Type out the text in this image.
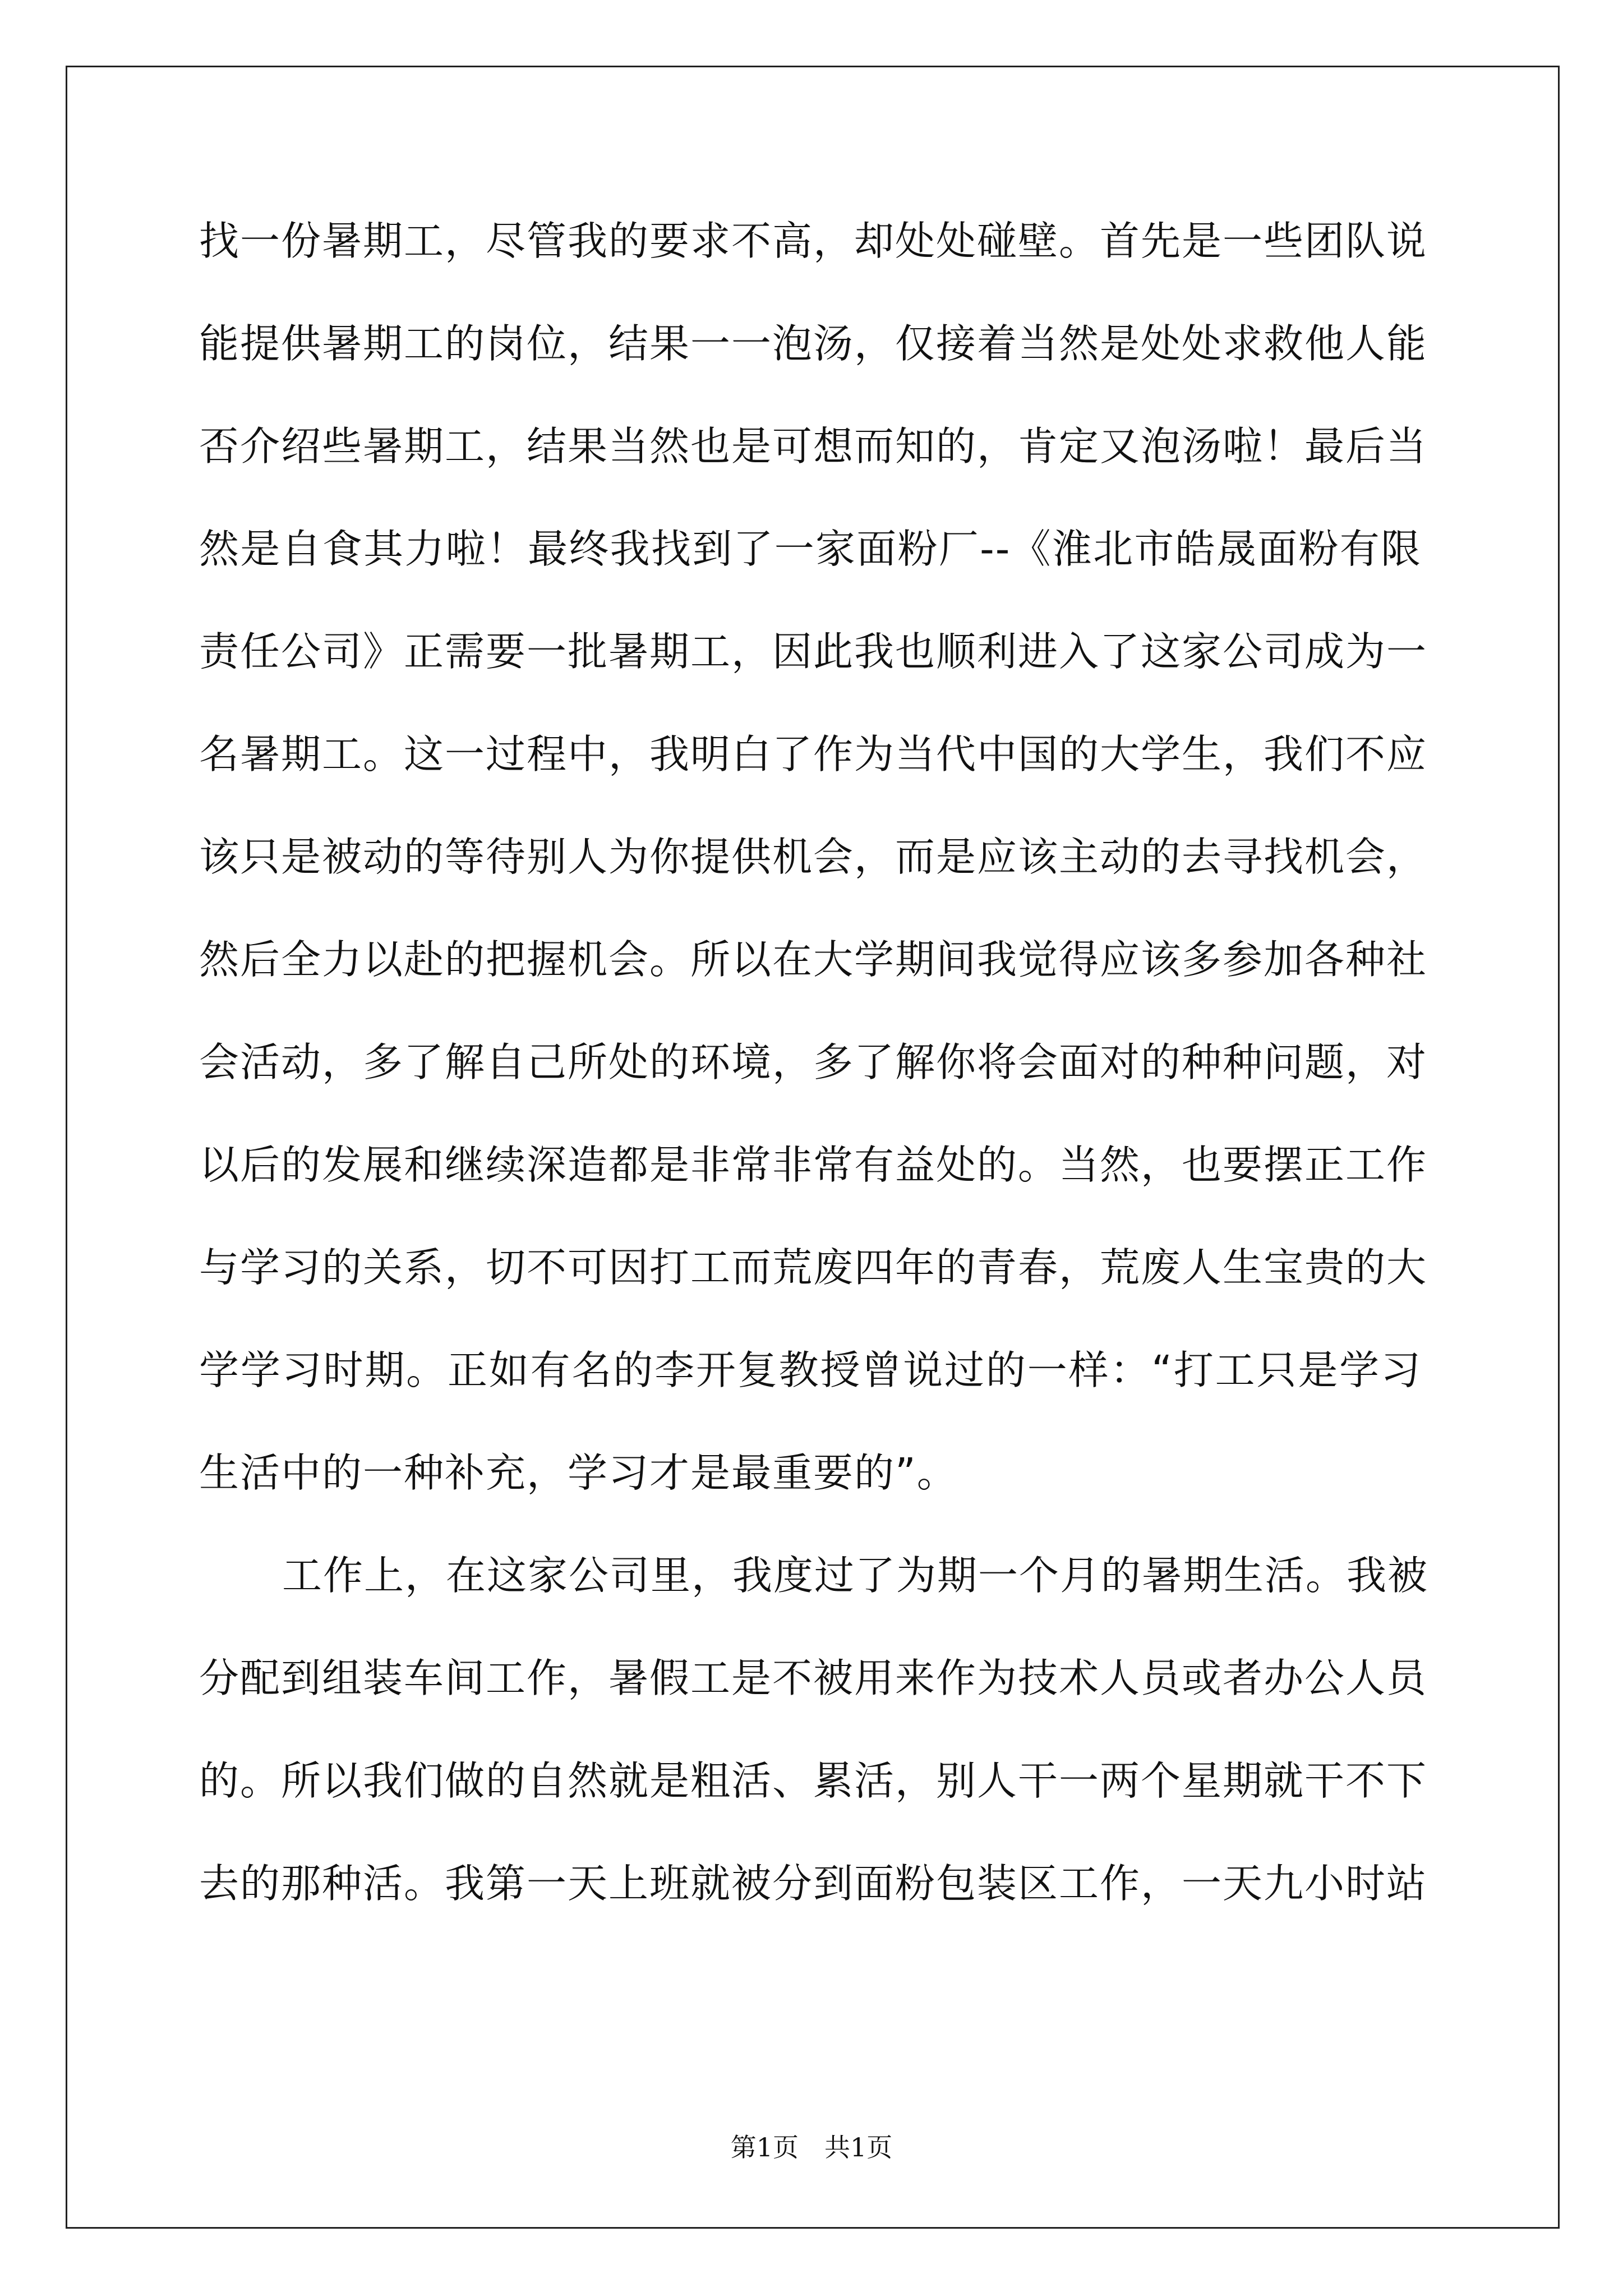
找一份暑期工，尽管我的要求不高，却处处碰壁。首先是一些团队说
能提供暑期工的岗位，结果一一泡汤，仅接着当然是处处求救他人能
否介绍些暑期工，结果当然也是可想而知的，肯定又泡汤啦！最后当
然是自食其力啦！最终我找到了一家面粉厂--《淮北市皓晟面粉有限
责任公司》正需要一批暑期工，因此我也顺利进入了这家公司成为一
名暑期工。这一过程中，我明白了作为当代中国的大学生，我们不应
该只是被动的等待别人为你提供机会，而是应该主动的去寻找机会，
然后全力以赴的把握机会。所以在大学期间我觉得应该多参加各种社
会活动，多了解自己所处的环境，多了解你将会面对的种种问题，对
以后的发展和继续深造都是非常非常有益处的。当然，也要摆正工作
与学习的关系，切不可因打工而荒废四年的青春，荒废人生宝贵的大
学学习时期。正如有名的李开复教授曾说过的一样：“打工只是学习
生活中的一种补充，学习才是最重要的”。
工作上，在这家公司里，我度过了为期一个月的暑期生活。我被
分配到组装车间工作，暑假工是不被用来作为技术人员或者办公人员
的。所以我们做的自然就是粗活、累活，别人干一两个星期就干不下
去的那种活。我第一天上班就被分到面粉包装区工作，一天九小时站
第1页　共1页
